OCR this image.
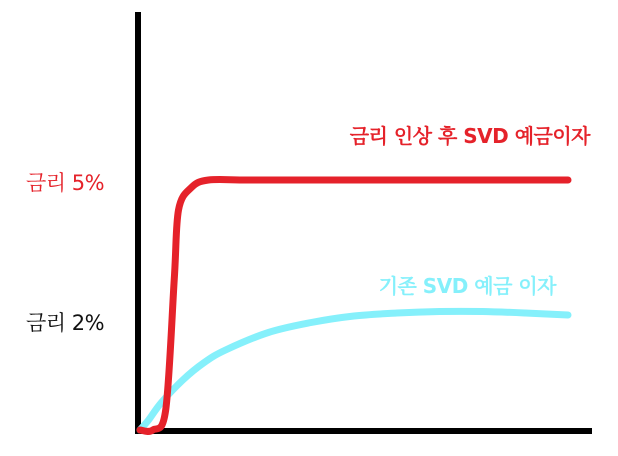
금리 5%
금리 2%
금리 인상 후 SVD 예금이자
기존 SVD 예금 이자
